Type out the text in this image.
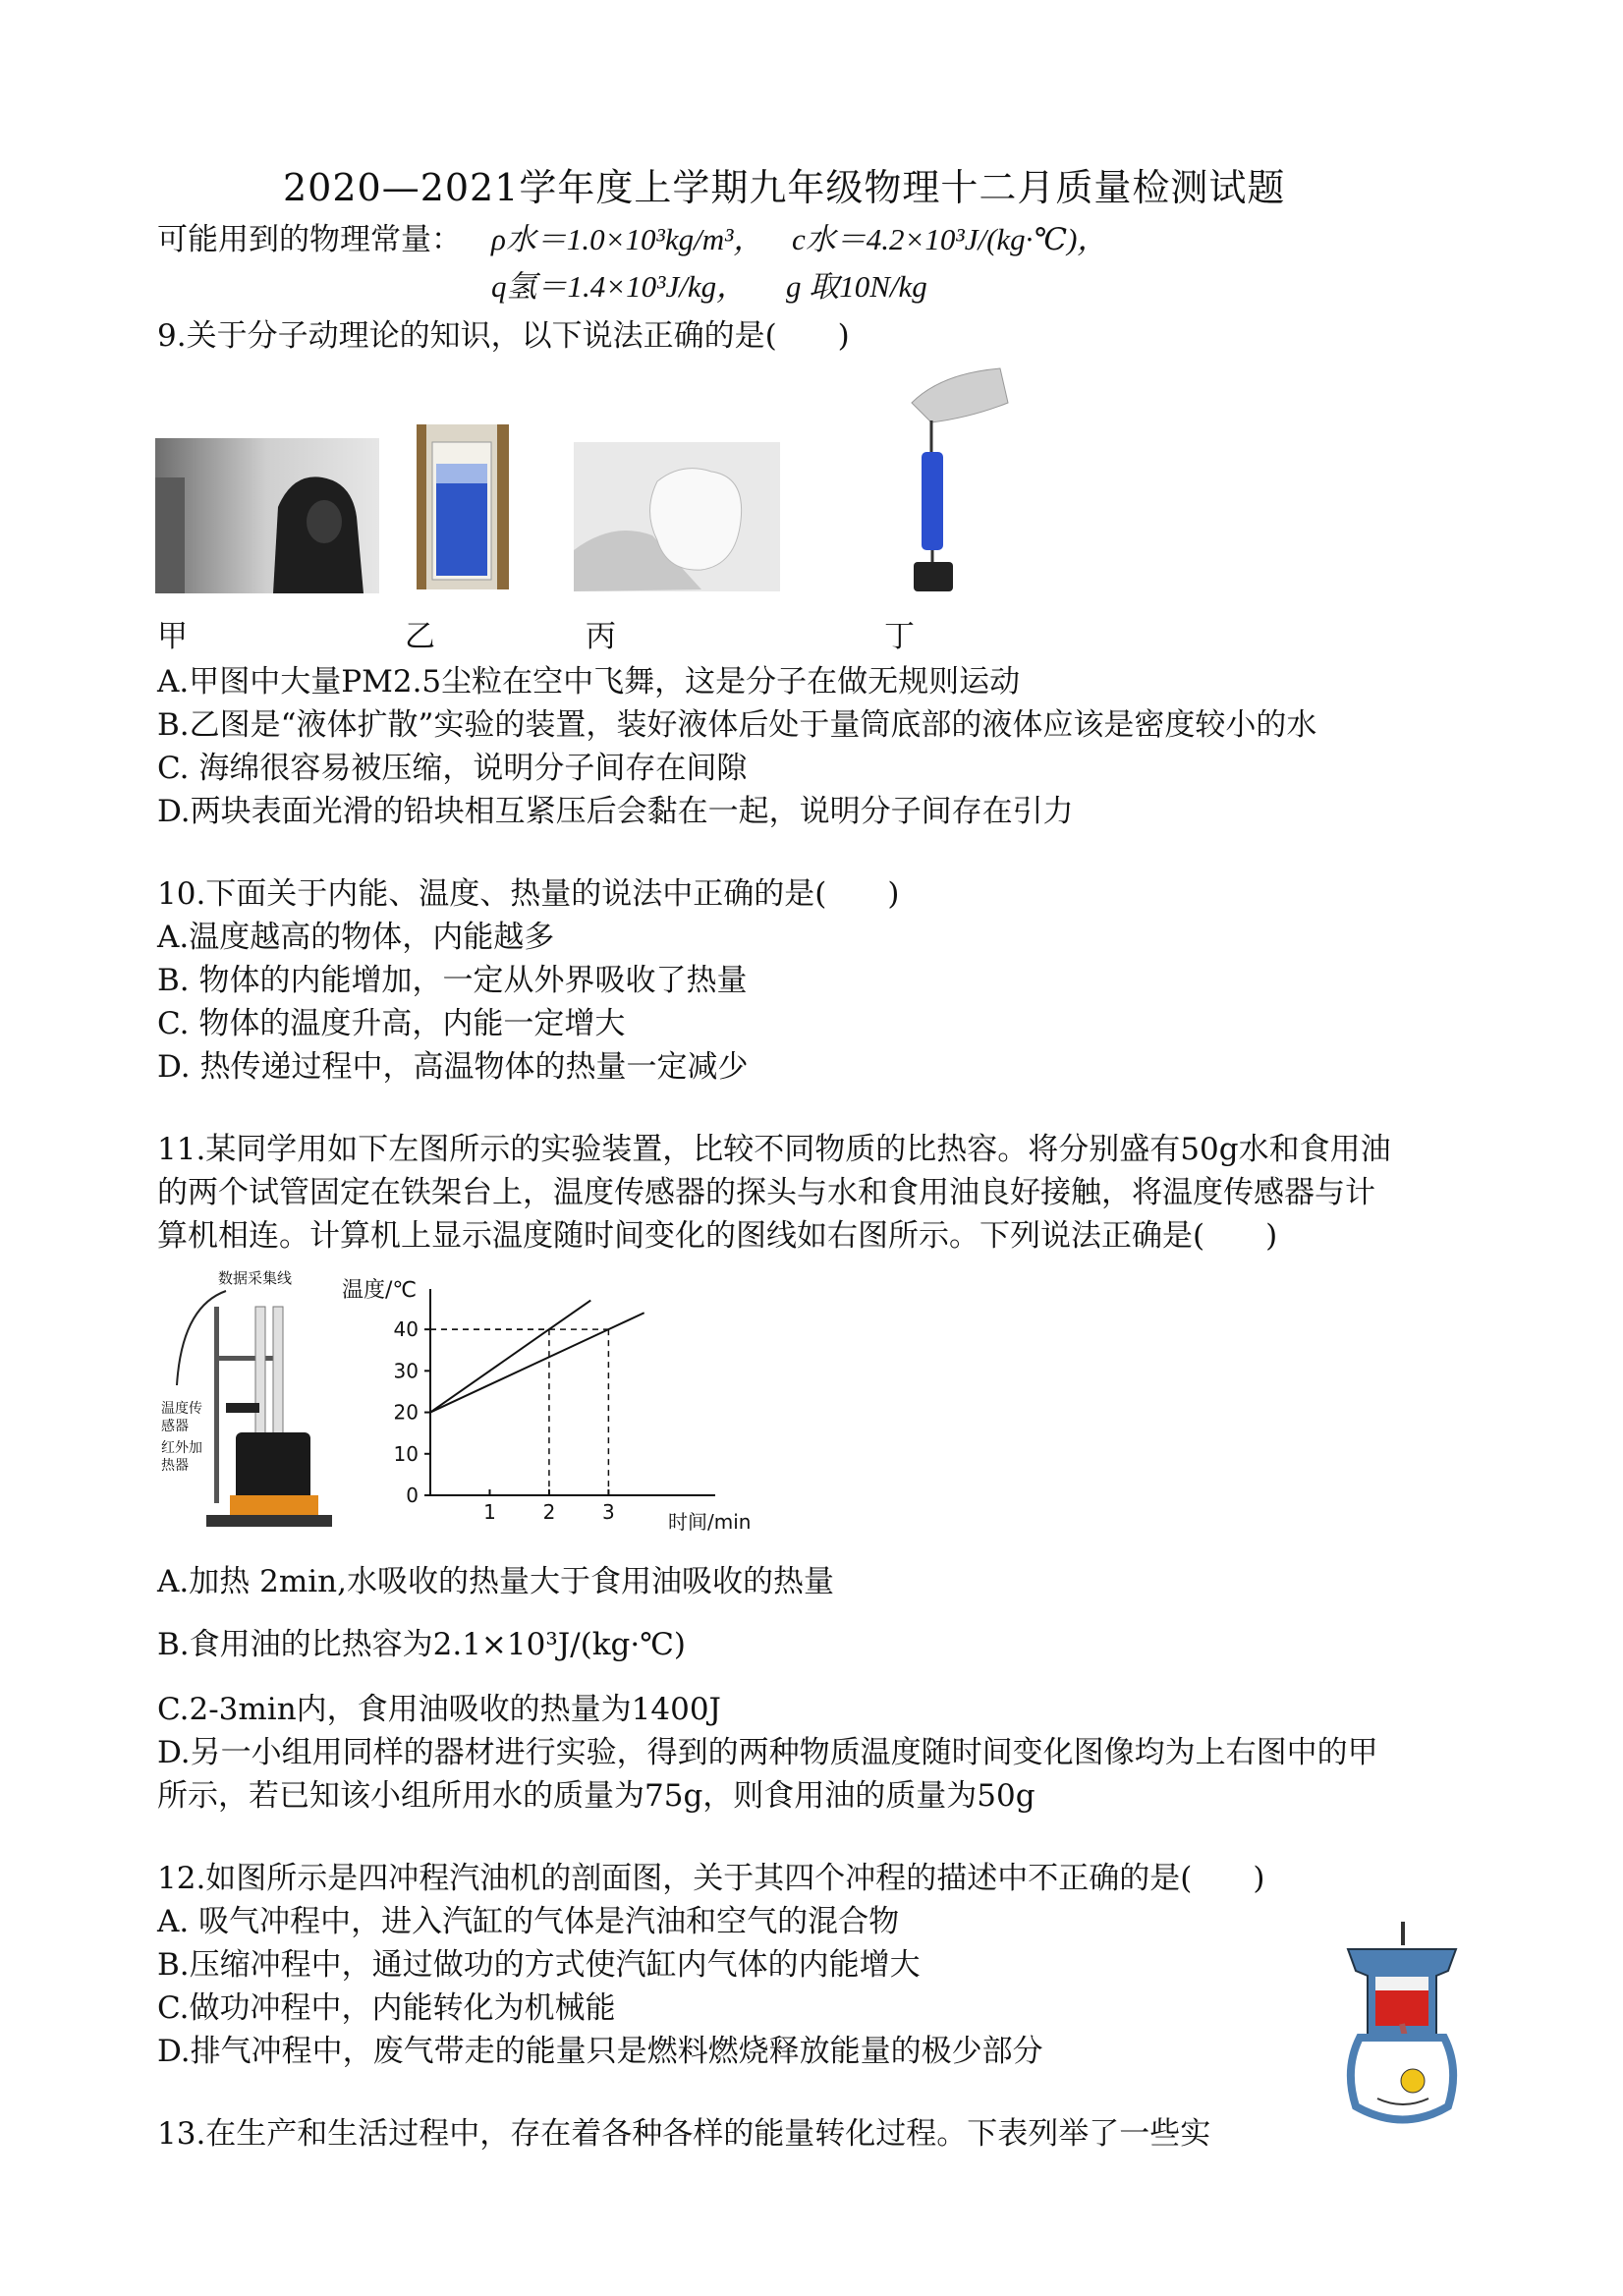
2020—2021学年度上学期九年级物理十二月质量检测试题
可能用到的物理常量： ρ水＝1.0×10³kg/m³， c水＝4.2×10³J/(kg·℃)，
q氢＝1.4×10³J/kg， g 取10N/kg
9.关于分子动理论的知识，以下说法正确的是(　　)
甲	乙	丙	丁
A.甲图中大量PM2.5尘粒在空中飞舞，这是分子在做无规则运动
B.乙图是“液体扩散”实验的装置，装好液体后处于量筒底部的液体应该是密度较小的水
C. 海绵很容易被压缩，说明分子间存在间隙
D.两块表面光滑的铅块相互紧压后会黏在一起，说明分子间存在引力
10.下面关于内能、温度、热量的说法中正确的是(　　)
A.温度越高的物体，内能越多
B. 物体的内能增加，一定从外界吸收了热量
C. 物体的温度升高，内能一定增大
D. 热传递过程中，高温物体的热量一定减少
11.某同学用如下左图所示的实验装置，比较不同物质的比热容。将分别盛有50g水和食用油
的两个试管固定在铁架台上，温度传感器的探头与水和食用油良好接触，将温度传感器与计
算机相连。计算机上显示温度随时间变化的图线如右图所示。下列说法正确是(　　)
数据采集线
温度传
感器
红外加
热器
温度/℃
时间/min
0
10
20
30
40
1 2 3
A.加热 2min,水吸收的热量大于食用油吸收的热量
B.食用油的比热容为2.1×10³J/(kg·℃)
C.2-3min内，食用油吸收的热量为1400J
D.另一小组用同样的器材进行实验，得到的两种物质温度随时间变化图像均为上右图中的甲
所示，若已知该小组所用水的质量为75g，则食用油的质量为50g
12.如图所示是四冲程汽油机的剖面图，关于其四个冲程的描述中不正确的是(　　)
A. 吸气冲程中，进入汽缸的气体是汽油和空气的混合物
B.压缩冲程中，通过做功的方式使汽缸内气体的内能增大
C.做功冲程中，内能转化为机械能
D.排气冲程中，废气带走的能量只是燃料燃烧释放能量的极少部分
13.在生产和生活过程中，存在着各种各样的能量转化过程。下表列举了一些实
